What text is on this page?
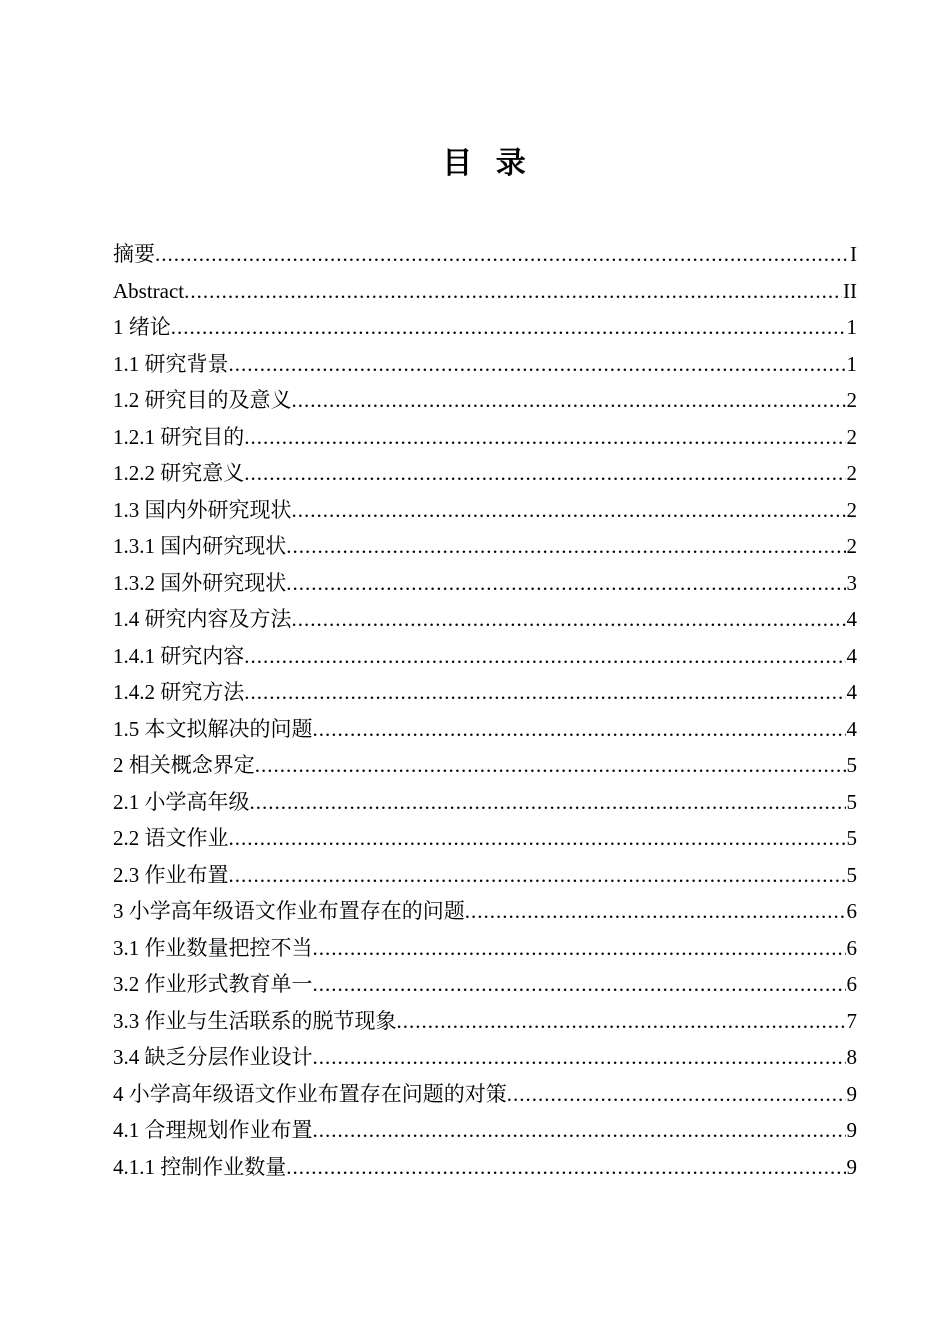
目 录
摘要 .....	I
Abstract .....	II
1 绪论 .....	1
1.1 研究背景 .....	1
1.2 研究目的及意义 .....	2
1.2.1 研究目的 .....	2
1.2.2 研究意义 .....	2
1.3 国内外研究现状 .....	2
1.3.1 国内研究现状 .....	2
1.3.2 国外研究现状 .....	3
1.4 研究内容及方法 .....	4
1.4.1 研究内容 .....	4
1.4.2 研究方法 .....	4
1.5 本文拟解决的问题 .....	4
2 相关概念界定 .....	5
2.1 小学高年级 .....	5
2.2 语文作业 .....	5
2.3 作业布置 .....	5
3 小学高年级语文作业布置存在的问题 .....	6
3.1 作业数量把控不当 .....	6
3.2 作业形式教育单一 .....	6
3.3 作业与生活联系的脱节现象 .....	7
3.4 缺乏分层作业设计 .....	8
4 小学高年级语文作业布置存在问题的对策 .....	9
4.1 合理规划作业布置 .....	9
4.1.1 控制作业数量 .....	9
